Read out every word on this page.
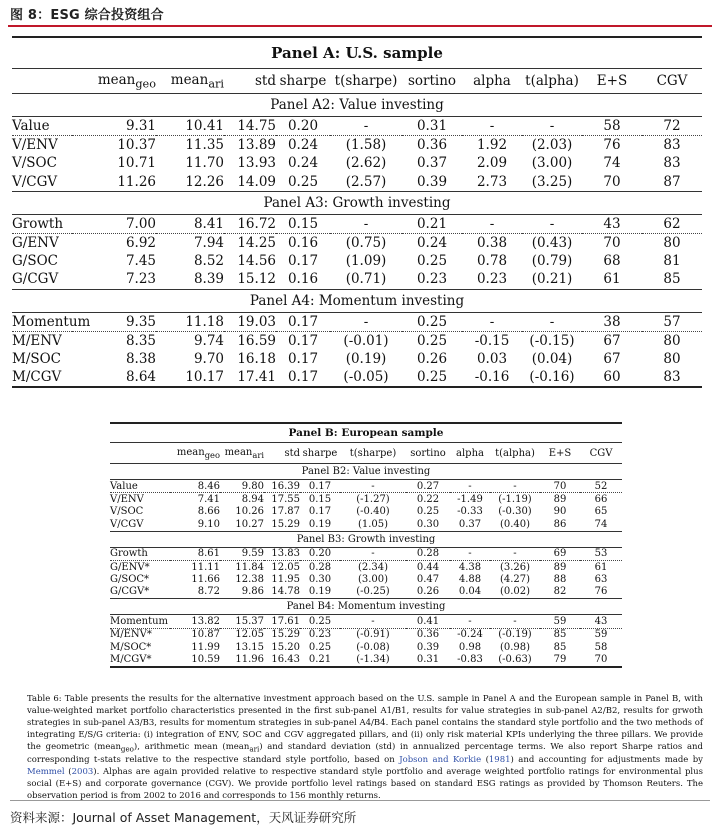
图 8：ESG 综合投资组合

Panel A: U.S. sample										

	mean$_{geo}$	mean$_{ari}$	std	sharpe	t(sharpe)	sortino	alpha	t(alpha)	E+S	CGV

Panel A2: Value investing										

Value	9.31	10.41	14.75	0.20	-	0.31	-	-	58	72
V/ENV	10.37	11.35	13.89	0.24	(1.58)	0.36	1.92	(2.03)	76	83
V/SOC	10.71	11.70	13.93	0.24	(2.62)	0.37	2.09	(3.00)	74	83
V/CGV	11.26	12.26	14.09	0.25	(2.57)	0.39	2.73	(3.25)	70	87

Panel A3: Growth investing										

Growth	7.00	8.41	16.72	0.15	-	0.21	-	-	43	62
G/ENV	6.92	7.94	14.25	0.16	(0.75)	0.24	0.38	(0.43)	70	80
G/SOC	7.45	8.52	14.56	0.17	(1.09)	0.25	0.78	(0.79)	68	81
G/CGV	7.23	8.39	15.12	0.16	(0.71)	0.23	0.23	(0.21)	61	85

Panel A4: Momentum investing										

Momentum	9.35	11.18	19.03	0.17	-	0.25	-	-	38	57
M/ENV	8.35	9.74	16.59	0.17	(-0.01)	0.25	-0.15	(-0.15)	67	80
M/SOC	8.38	9.70	16.18	0.17	(0.19)	0.26	0.03	(0.04)	67	80
M/CGV	8.64	10.17	17.41	0.17	(-0.05)	0.25	-0.16	(-0.16)	60	83

Panel B: European sample										

	mean$_{geo}$	mean$_{ari}$	std	sharpe	t(sharpe)	sortino	alpha	t(alpha)	E+S	CGV

Panel B2: Value investing										

Value	8.46	9.80	16.39	0.17	-	0.27	-	-	70	52
V/ENV	7.41	8.94	17.55	0.15	(-1.27)	0.22	-1.49	(-1.19)	89	66
V/SOC	8.66	10.26	17.87	0.17	(-0.40)	0.25	-0.33	(-0.30)	90	65
V/CGV	9.10	10.27	15.29	0.19	(1.05)	0.30	0.37	(0.40)	86	74

Panel B3: Growth investing										

Growth	8.61	9.59	13.83	0.20	-	0.28	-	-	69	53
G/ENV*	11.11	11.84	12.05	0.28	(2.34)	0.44	4.38	(3.26)	89	61
G/SOC*	11.66	12.38	11.95	0.30	(3.00)	0.47	4.88	(4.27)	88	63
G/CGV*	8.72	9.86	14.78	0.19	(-0.25)	0.26	0.04	(0.02)	82	76

Panel B4: Momentum investing										

Momentum	13.82	15.37	17.61	0.25	-	0.41	-	-	59	43
M/ENV*	10.87	12.05	15.29	0.23	(-0.91)	0.36	-0.24	(-0.19)	85	59
M/SOC*	11.99	13.15	15.20	0.25	(-0.08)	0.39	0.98	(0.98)	85	58
M/CGV*	10.59	11.96	16.43	0.21	(-1.34)	0.31	-0.83	(-0.63)	79	70

Table 6: Table presents the results for the alternative investment approach based on the U.S. sample in Panel A and the European sample in Panel B, with value-weighted market portfolio characteristics presented in the first sub-panel A1/B1, results for value strategies in sub-panel A2/B2, results for grwoth strategies in sub-panel A3/B3, results for momentum strategies in sub-panel A4/B4. Each panel contains the standard style portfolio and the two methods of integrating E/S/G criteria: (i) integration of ENV, SOC and CGV aggregated pillars, and (ii) only risk material KPIs underlying the three pillars. We provide the geometric (mean$_{geo}$), arithmetic mean (mean$_{ari}$) and standard deviation (std) in annualized percentage terms. We also report Sharpe ratios and corresponding t-stats relative to the respective standard style portfolio, based on Jobson and Korkie (1981) and accounting for adjustments made by Memmel (2003). Alphas are again provided relative to respective standard style portfolio and average weighted portfolio ratings for environmental plus social (E+S) and corporate governance (CGV). We provide portfolio level ratings based on standard ESG ratings as provided by Thomson Reuters. The observation period is from 2002 to 2016 and corresponds to 156 monthly returns.
资料来源：Journal of Asset Management，天风证券研究所
